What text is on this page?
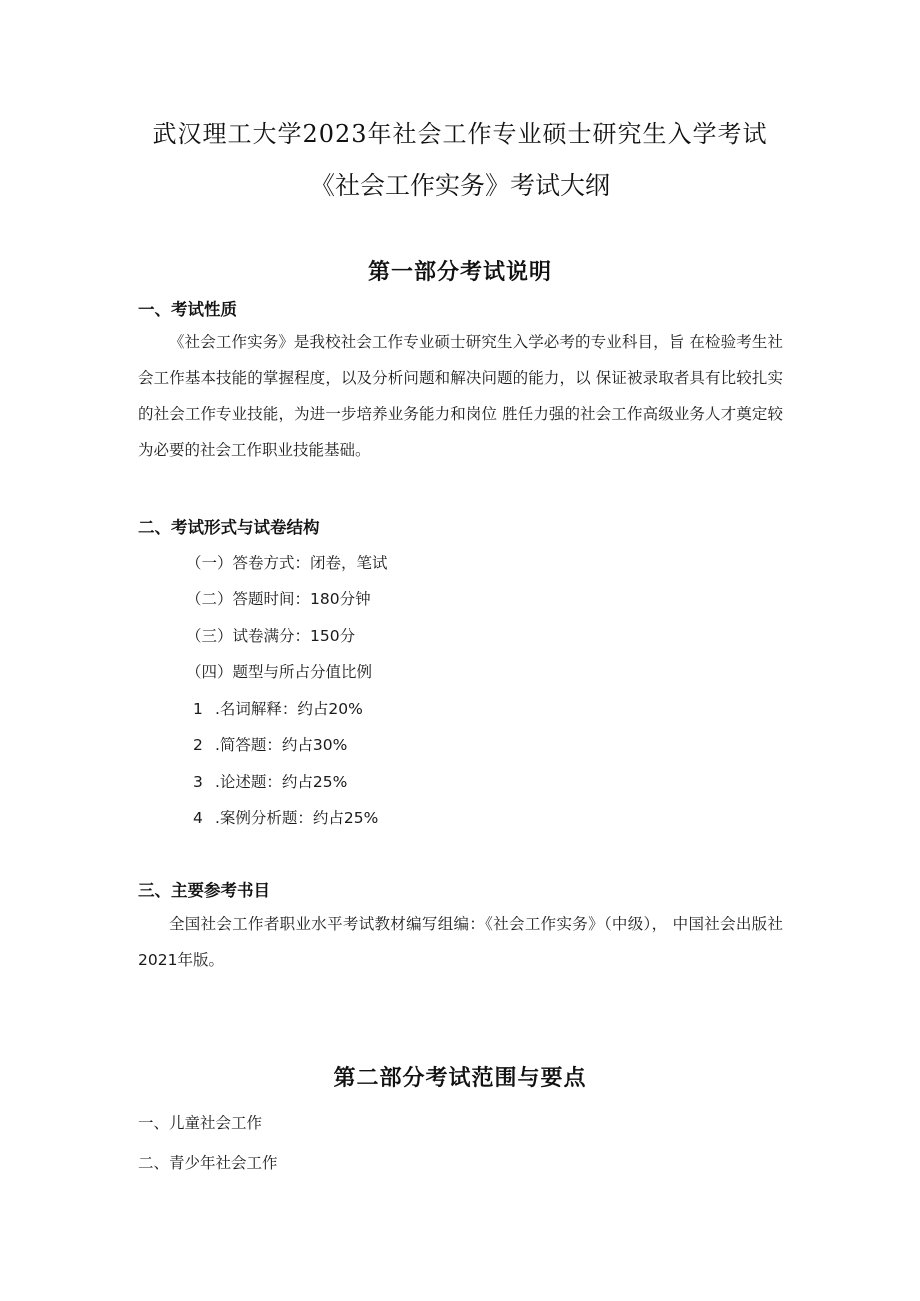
武汉理工大学2023年社会工作专业硕士研究生入学考试
《社会工作实务》考试大纲
第一部分考试说明
一、考试性质
《社会工作实务》是我校社会工作专业硕士研究生入学必考的专业科目，旨 在检验考生社会工作基本技能的掌握程度，以及分析问题和解决问题的能力，以 保证被录取者具有比较扎实的社会工作专业技能，为进一步培养业务能力和岗位 胜任力强的社会工作高级业务人才奠定较为必要的社会工作职业技能基础。
二、考试形式与试卷结构
（一）答卷方式：闭卷，笔试
（二）答题时间：180分钟
（三）试卷满分：150分
（四）题型与所占分值比例
1 .名词解释：约占20%
2 .简答题：约占30%
3 .论述题：约占25%
4 .案例分析题：约占25%
三、主要参考书目
全国社会工作者职业水平考试教材编写组编：《社会工作实务》（中级）， 中国社会出版社2021年版。
第二部分考试范围与要点
一、儿童社会工作
二、青少年社会工作
